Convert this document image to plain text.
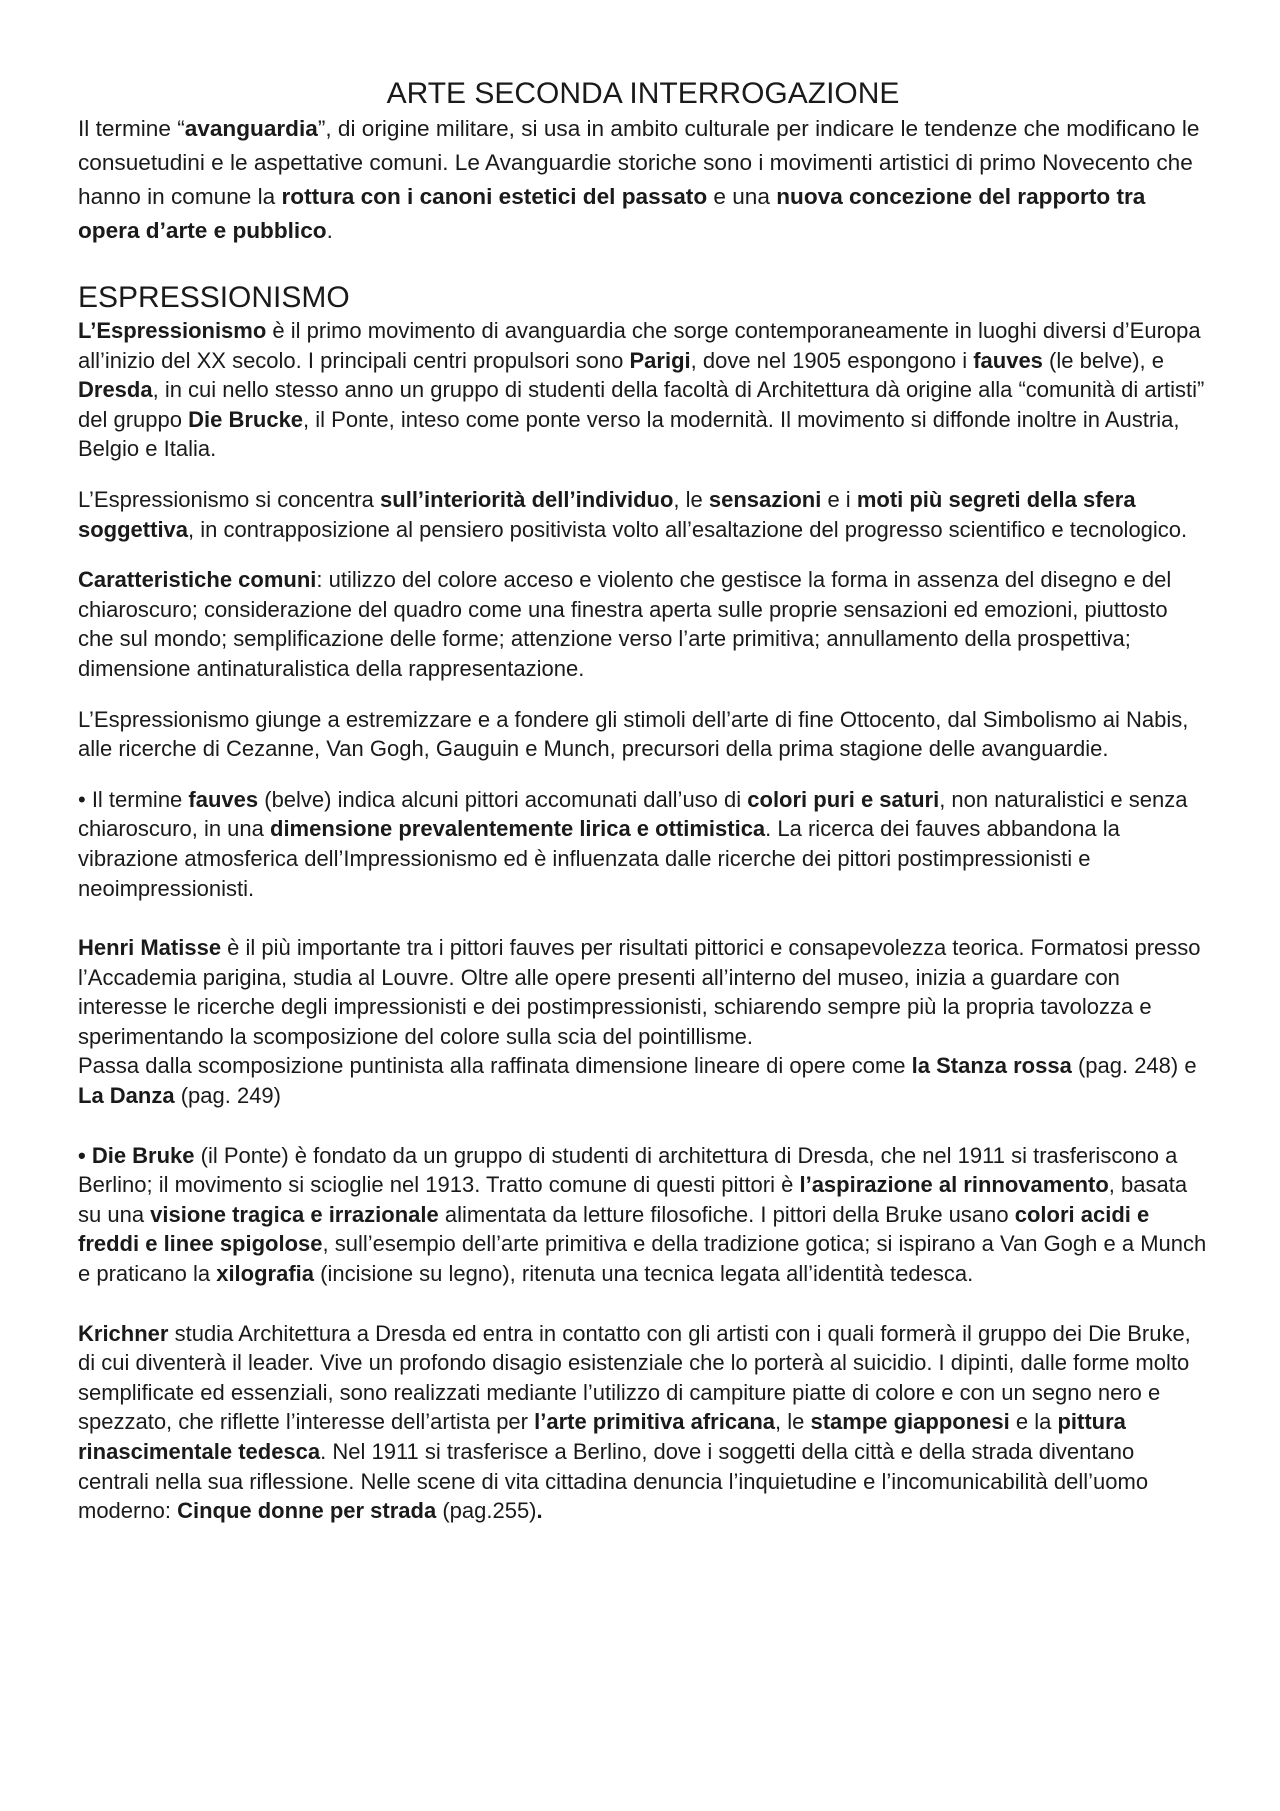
ARTE SECONDA INTERROGAZIONE

Il termine “avanguardia”, di origine militare, si usa in ambito culturale per indicare le tendenze che modificano le consuetudini e le aspettative comuni. Le Avanguardie storiche sono i movimenti artistici di primo Novecento che hanno in comune la rottura con i canoni estetici del passato e una nuova concezione del rapporto tra opera d’arte e pubblico.

ESPRESSIONISMO

L’Espressionismo è il primo movimento di avanguardia che sorge contemporaneamente in luoghi diversi d’Europa all’inizio del XX secolo. I principali centri propulsori sono Parigi, dove nel 1905 espongono i fauves (le belve), e Dresda, in cui nello stesso anno un gruppo di studenti della facoltà di Architettura dà origine alla “comunità di artisti” del gruppo Die Brucke, il Ponte, inteso come ponte verso la modernità. Il movimento si diffonde inoltre in Austria, Belgio e Italia.

L’Espressionismo si concentra sull’interiorità dell’individuo, le sensazioni e i moti più segreti della sfera soggettiva, in contrapposizione al pensiero positivista volto all’esaltazione del progresso scientifico e tecnologico.

Caratteristiche comuni: utilizzo del colore acceso e violento che gestisce la forma in assenza del disegno e del chiaroscuro; considerazione del quadro come una finestra aperta sulle proprie sensazioni ed emozioni, piuttosto che sul mondo; semplificazione delle forme; attenzione verso l’arte primitiva; annullamento della prospettiva; dimensione antinaturalistica della rappresentazione.

L’Espressionismo giunge a estremizzare e a fondere gli stimoli dell’arte di fine Ottocento, dal Simbolismo ai Nabis, alle ricerche di Cezanne, Van Gogh, Gauguin e Munch, precursori della prima stagione delle avanguardie.

• Il termine fauves (belve) indica alcuni pittori accomunati dall’uso di colori puri e saturi, non naturalistici e senza chiaroscuro, in una dimensione prevalentemente lirica e ottimistica. La ricerca dei fauves abbandona la vibrazione atmosferica dell’Impressionismo ed è influenzata dalle ricerche dei pittori postimpressionisti e neoimpressionisti.

Henri Matisse è il più importante tra i pittori fauves per risultati pittorici e consapevolezza teorica. Formatosi presso l’Accademia parigina, studia al Louvre. Oltre alle opere presenti all’interno del museo, inizia a guardare con interesse le ricerche degli impressionisti e dei postimpressionisti, schiarendo sempre più la propria tavolozza e sperimentando la scomposizione del colore sulla scia del pointillisme.
Passa dalla scomposizione puntinista alla raffinata dimensione lineare di opere come la Stanza rossa (pag. 248) e La Danza (pag. 249)

• Die Bruke (il Ponte) è fondato da un gruppo di studenti di architettura di Dresda, che nel 1911 si trasferiscono a Berlino; il movimento si scioglie nel 1913. Tratto comune di questi pittori è l’aspirazione al rinnovamento, basata su una visione tragica e irrazionale alimentata da letture filosofiche. I pittori della Bruke usano colori acidi e freddi e linee spigolose, sull’esempio dell’arte primitiva e della tradizione gotica; si ispirano a Van Gogh e a Munch e praticano la xilografia (incisione su legno), ritenuta una tecnica legata all’identità tedesca.

Krichner studia Architettura a Dresda ed entra in contatto con gli artisti con i quali formerà il gruppo dei Die Bruke, di cui diventerà il leader. Vive un profondo disagio esistenziale che lo porterà al suicidio. I dipinti, dalle forme molto semplificate ed essenziali, sono realizzati mediante l’utilizzo di campiture piatte di colore e con un segno nero e spezzato, che riflette l’interesse dell’artista per l’arte primitiva africana, le stampe giapponesi e la pittura rinascimentale tedesca. Nel 1911 si trasferisce a Berlino, dove i soggetti della città e della strada diventano centrali nella sua riflessione. Nelle scene di vita cittadina denuncia l’inquietudine e l’incomunicabilità dell’uomo moderno: Cinque donne per strada (pag.255).
